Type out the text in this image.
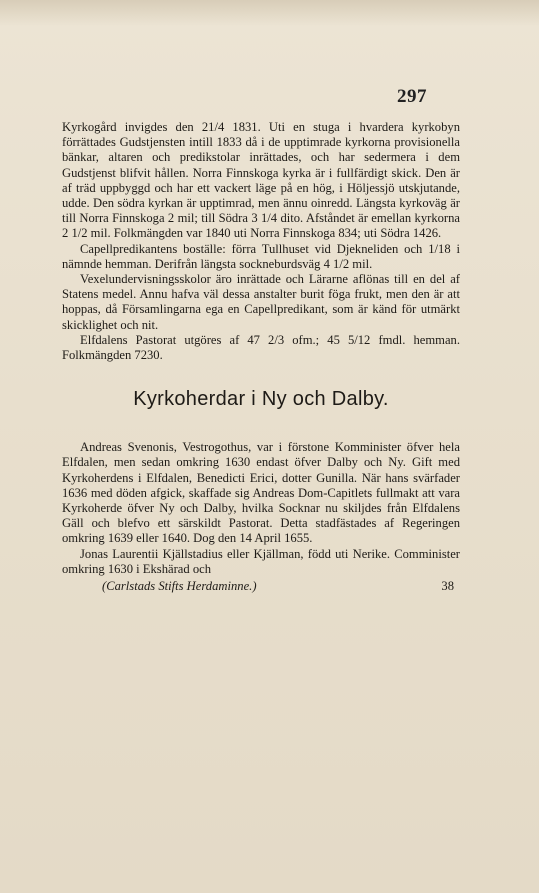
297

Kyrkogård invigdes den 21/4 1831. Uti en stuga i hvardera kyrkobyn förrättades Gudstjensten intill 1833 då i de upptimrade kyrkorna provisionella bänkar, altaren och predikstolar inrättades, och har sedermera i dem Gudstjenst blifvit hållen. Norra Finnskoga kyrka är i fullfärdigt skick. Den är af träd uppbyggd och har ett vackert läge på en hög, i Höljessjö utskjutande, udde. Den södra kyrkan är upptimrad, men ännu oinredd. Längsta kyrkoväg är till Norra Finnskoga 2 mil; till Södra 3 1/4 dito. Afståndet är emellan kyrkorna 2 1/2 mil. Folkmängden var 1840 uti Norra Finnskoga 834; uti Södra 1426.

Capellpredikantens boställe: förra Tullhuset vid Djekneliden och 1/18 i nämnde hemman. Derifrån längsta sockneburdsväg 4 1/2 mil.

Vexelundervisningsskolor äro inrättade och Lärarne aflönas till en del af Statens medel. Annu hafva väl dessa anstalter burit föga frukt, men den är att hoppas, då Församlingarna ega en Capellpredikant, som är känd för utmärkt skicklighet och nit.

Elfdalens Pastorat utgöres af 47 2/3 ofm.; 45 5/12 fmdl. hemman. Folkmängden 7230.

Kyrkoherdar i Ny och Dalby.

Andreas Svenonis, Vestrogothus, var i förstone Komminister öfver hela Elfdalen, men sedan omkring 1630 endast öfver Dalby och Ny. Gift med Kyrkoherdens i Elfdalen, Benedicti Erici, dotter Gunilla. När hans svärfader 1636 med döden afgick, skaffade sig Andreas Dom-Capitlets fullmakt att vara Kyrkoherde öfver Ny och Dalby, hvilka Socknar nu skiljdes från Elfdalens Gäll och blefvo ett särskildt Pastorat. Detta stadfästades af Regeringen omkring 1639 eller 1640. Dog den 14 April 1655.

Jonas Laurentii Kjällstadius eller Kjällman, född uti Nerike. Comminister omkring 1630 i Ekshärad och

(Carlstads Stifts Herdaminne.)	38
